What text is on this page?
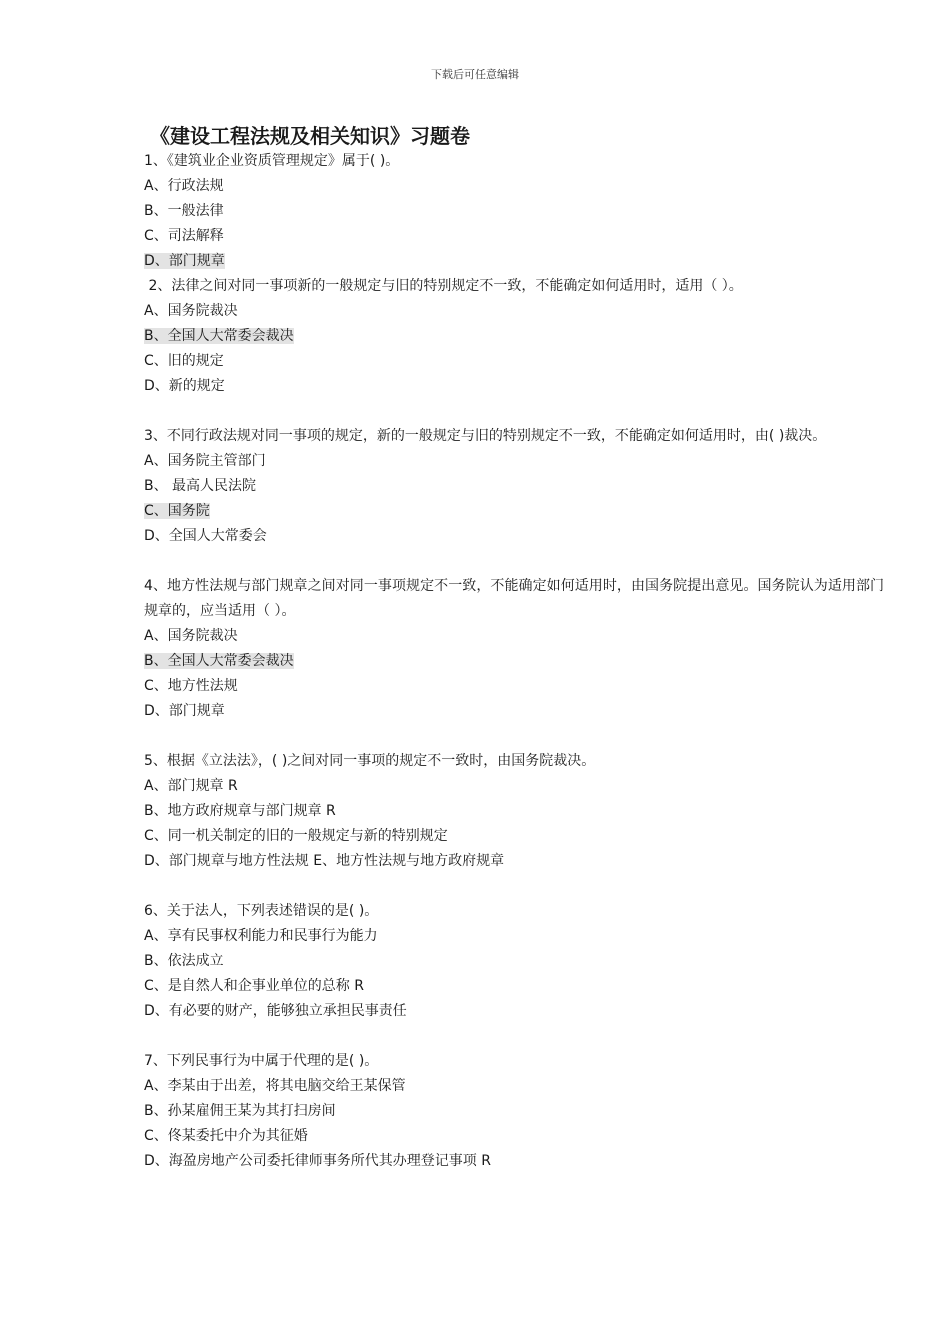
下载后可任意编辑
《建设工程法规及相关知识》习题卷
1、《建筑业企业资质管理规定》属于( )。
A、行政法规
B、一般法律
C、司法解释
D、部门规章
2、法律之间对同一事项新的一般规定与旧的特别规定不一致，不能确定如何适用时，适用（ ）。
A、国务院裁决
B、全国人大常委会裁决
C、旧的规定
D、新的规定
3、不同行政法规对同一事项的规定，新的一般规定与旧的特别规定不一致，不能确定如何适用时，由( )裁决。
A、国务院主管部门
B、 最高人民法院
C、国务院
D、全国人大常委会
4、地方性法规与部门规章之间对同一事项规定不一致，不能确定如何适用时，由国务院提出意见。国务院认为适用部门规章的，应当适用（ ）。
A、国务院裁决
B、全国人大常委会裁决
C、地方性法规
D、部门规章
5、根据《立法法》，( )之间对同一事项的规定不一致时，由国务院裁决。
A、部门规章 R
B、地方政府规章与部门规章 R
C、同一机关制定的旧的一般规定与新的特别规定
D、部门规章与地方性法规 E、地方性法规与地方政府规章
6、关于法人，下列表述错误的是( )。
A、享有民事权利能力和民事行为能力
B、依法成立
C、是自然人和企事业单位的总称 R
D、有必要的财产，能够独立承担民事责任
7、下列民事行为中属于代理的是( )。
A、李某由于出差，将其电脑交给王某保管
B、孙某雇佣王某为其打扫房间
C、佟某委托中介为其征婚
D、海盈房地产公司委托律师事务所代其办理登记事项 R
